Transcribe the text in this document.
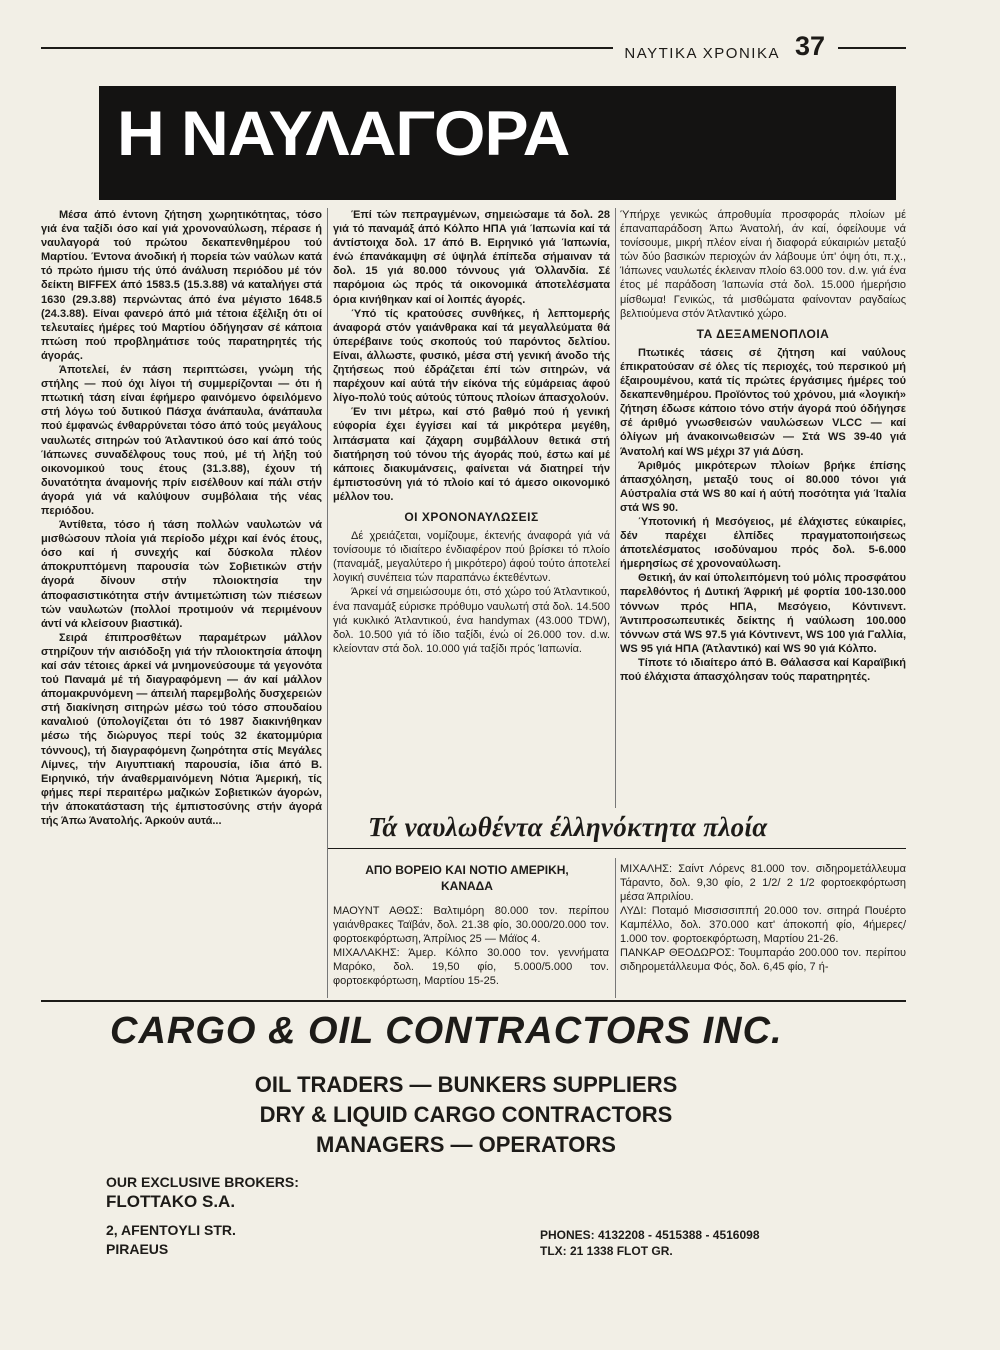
ΝΑΥΤΙΚΑ ΧΡΟΝΙΚΑ 37
Η ΝΑΥΛΑΓΟΡΑ

Μέσα άπό έντονη ζήτηση χωρητικότητας, τόσο γιά ένα ταξίδι όσο καί γιά χρονοναύλωση, πέρασε ή ναυλαγορά τού πρώτου δεκαπενθημέρου τού Μαρτίου. Έντονα άνοδική ή πορεία τών ναύλων κατά τό πρώτο ήμισυ τής ύπό άνάλυση περιόδου μέ τόν δείκτη BIFFEX άπό 1583.5 (15.3.88) νά καταλήγει στά 1630 (29.3.88) περνώντας άπό ένα μέγιστο 1648.5 (24.3.88). Είναι φανερό άπό μιά τέτοια έξέλιξη ότι οί τελευταίες ήμέρες τού Μαρτίου όδήγησαν σέ κάποια πτώση πού προβλημάτισε τούς παρατηρητές τής άγοράς.

Άποτελεί, έν πάση περιπτώσει, γνώμη τής στήλης — πού όχι λίγοι τή συμμερίζονται — ότι ή πτωτική τάση είναι έφήμερο φαινόμενο όφειλόμενο στή λόγω τού δυτικού Πάσχα άνάπαυλα, άνάπαυλα πού έμφανώς ένθαρρύνεται τόσο άπό τούς μεγάλους ναυλωτές σιτηρών τού Άτλαντικού όσο καί άπό τούς Ίάπωνες συναδέλφους τους πού, μέ τή λήξη τού οικονομικού τους έτους (31.3.88), έχουν τή δυνατότητα άναμονής πρίν εισέλθουν καί πάλι στήν άγορά γιά νά καλύψουν συμβόλαια τής νέας περιόδου.

Άντίθετα, τόσο ή τάση πολλών ναυλωτών νά μισθώσουν πλοία γιά περίοδο μέχρι καί ένός έτους, όσο καί ή συνεχής καί δύσκολα πλέον άποκρυπτόμενη παρουσία τών Σοβιετικών στήν άγορά δίνουν στήν πλοιοκτησία την άποφασιστικότητα στήν άντιμετώπιση τών πιέσεων τών ναυλωτών (πολλοί προτιμούν νά περιμένουν άντί νά κλείσουν βιαστικά).

Σειρά έπιπροσθέτων παραμέτρων μάλλον στηρίζουν τήν αισιόδοξη γιά τήν πλοιοκτησία άποψη καί σάν τέτοιες άρκεί νά μνημονεύσουμε τά γεγονότα τού Παναμά μέ τή διαγραφόμενη — άν καί μάλλον άπομακρυνόμενη — άπειλή παρεμβολής δυσχερειών στή διακίνηση σιτηρών μέσω τού τόσο σπουδαίου καναλιού (ύπολογίζεται ότι τό 1987 διακινήθηκαν μέσω τής διώρυγος περί τούς 32 έκατομμύρια τόννους), τή διαγραφόμενη ζωηρότητα στίς Μεγάλες Λίμνες, τήν Αιγυπτιακή παρουσία, ίδια άπό Β. Ειρηνικό, τήν άναθερμαινόμενη Νότια Άμερική, τίς φήμες περί περαιτέρω μαζικών Σοβιετικών άγορών, τήν άποκατάσταση τής έμπιστοσύνης στήν άγορά τής Άπω Άνατολής. Άρκούν αυτά...

Έπί τών πεπραγμένων, σημειώσαμε τά δολ. 28 γιά τό παναμάξ άπό Κόλπο ΗΠΑ γιά Ίαπωνία καί τά άντίστοιχα δολ. 17 άπό Β. Ειρηνικό γιά Ίαπωνία, ένώ έπανάκαμψη σέ ύψηλά έπίπεδα σήμαιναν τά δολ. 15 γιά 80.000 τόννους γιά Όλλανδία. Σέ παρόμοια ώς πρός τά οικονομικά άποτελέσματα όρια κινήθηκαν καί οί λοιπές άγορές.

Ύπό τίς κρατούσες συνθήκες, ή λεπτομερής άναφορά στόν γαιάνθρακα καί τά μεγαλλεύματα θά ύπερέβαινε τούς σκοπούς τού παρόντος δελτίου. Είναι, άλλωστε, φυσικό, μέσα στή γενική άνοδο τής ζητήσεως πού έδράζεται έπί τών σιτηρών, νά παρέχουν καί αύτά τήν είκόνα τής εύμάρειας άφού λίγο-πολύ τούς αύτούς τύπους πλοίων άπασχολούν.

Έν τινι μέτρω, καί στό βαθμό πού ή γενική εύφορία έχει έγγίσει καί τά μικρότερα μεγέθη, λιπάσματα καί ζάχαρη συμβάλλουν θετικά στή διατήρηση τού τόνου τής άγοράς πού, έστω καί μέ κάποιες διακυμάνσεις, φαίνεται νά διατηρεί τήν έμπιστοσύνη γιά τό πλοίο καί τό άμεσο οικονομικό μέλλον του.

ΟΙ ΧΡΟΝΟΝΑΥΛΩΣΕΙΣ

Δέ χρειάζεται, νομίζουμε, έκτενής άναφορά γιά νά τονίσουμε τό ιδιαίτερο ένδιαφέρον πού βρίσκει τό πλοίο (παναμάξ, μεγαλύτερο ή μικρότερο) άφού τούτο άποτελεί λογική συνέπεια τών παραπάνω έκτεθέντων.

Άρκεί νά σημειώσουμε ότι, στό χώρο τού Άτλαντικού, ένα παναμάξ εύρισκε πρόθυμο ναυλωτή στά δολ. 14.500 γιά κυκλικό Άτλαντικού, ένα handymax (43.000 TDW), δολ. 10.500 γιά τό ίδιο ταξίδι, ένώ οί 26.000 τον. d.w. κλείονταν στά δολ. 10.000 γιά ταξίδι πρός Ίαπωνία.

Ύπήρχε γενικώς άπροθυμία προσφοράς πλοίων μέ έπαναπαράδοση Άπω Άνατολή, άν καί, όφείλουμε νά τονίσουμε, μικρή πλέον είναι ή διαφορά εύκαιριών μεταξύ τών δύο βασικών περιοχών άν λάβουμε ύπ' όψη ότι, π.χ., Ίάπωνες ναυλωτές έκλειναν πλοίο 63.000 τον. d.w. γιά ένα έτος μέ παράδοση Ίαπωνία στά δολ. 15.000 ήμερήσιο μίσθωμα! Γενικώς, τά μισθώματα φαίνονταν ραγδαίως βελτιούμενα στόν Άτλαντικό χώρο.

ΤΑ ΔΕΞΑΜΕΝΟΠΛΟΙΑ

Πτωτικές τάσεις σέ ζήτηση καί ναύλους έπικρατούσαν σέ όλες τίς περιοχές, τού περσικού μή έξαιρουμένου, κατά τίς πρώτες έργάσιμες ήμέρες τού δεκαπενθημέρου. Προϊόντος τού χρόνου, μιά «λογική» ζήτηση έδωσε κάποιο τόνο στήν άγορά πού όδήγησε σέ άριθμό γνωσθεισών ναυλώσεων VLCC — καί όλίγων μή άνακοινωθεισών — Στά WS 39-40 γιά Άνατολή καί WS μέχρι 37 γιά Δύση.

Άριθμός μικρότερων πλοίων βρήκε έπίσης άπασχόληση, μεταξύ τους οί 80.000 τόνοι γιά Αύστραλία στά WS 80 καί ή αύτή ποσότητα γιά Ίταλία στά WS 90.

Ύποτονική ή Μεσόγειος, μέ έλάχιστες εύκαιρίες, δέν παρέχει έλπίδες πραγματοποιήσεως άποτελέσματος ισοδύναμου πρός δολ. 5-6.000 ήμερησίως σέ χρονοναύλωση.

Θετική, άν καί ύπολειπόμενη τού μόλις προσφάτου παρελθόντος ή Δυτική Άφρική μέ φορτία 100-130.000 τόννων πρός ΗΠΑ, Μεσόγειο, Κόντινεντ. Άντιπροσωπευτικές δείκτης ή ναύλωση 100.000 τόννων στά WS 97.5 γιά Κόντινεντ, WS 100 γιά Γαλλία, WS 95 γιά ΗΠΑ (Άτλαντικό) καί WS 90 γιά Κόλπο.

Τίποτε τό ιδιαίτερο άπό Β. Θάλασσα καί Καραϊβική πού έλάχιστα άπασχόλησαν τούς παρατηρητές.

Τά ναυλωθέντα έλληνόκτητα πλοία
ΑΠΟ ΒΟΡΕΙΟ ΚΑΙ ΝΟΤΙΟ ΑΜΕΡΙΚΗ,
ΚΑΝΑΔΑ

ΜΑΟΥΝΤ ΑΘΩΣ: Βαλτιμόρη 80.000 τον. περίπου γαιάνθρακες Ταϊβάν, δολ. 21.38 φίο, 30.000/20.000 τον. φορτοεκφόρτωση, Άπρίλιος 25 — Μάϊος 4.

ΜΙΧΑΛΑΚΗΣ: Άμερ. Κόλπο 30.000 τον. γεννήματα Μαρόκο, δολ. 19,50 φίο, 5.000/5.000 τον. φορτοεκφόρτωση, Μαρτίου 15-25.

ΜΙΧΑΛΗΣ: Σαίντ Λόρενς 81.000 τον. σιδηρομετάλλευμα Τάραντο, δολ. 9,30 φίο, 2 1/2/ 2 1/2 φορτοεκφόρτωση μέσα Άπριλίου.

ΛΥΔΙ: Ποταμό Μισσισσιππή 20.000 τον. σιτηρά Πουέρτο Καμπέλλο, δολ. 370.000 κατ' άποκοπή φίο, 4ήμερες/ 1.000 τον. φορτοεκφόρτωση, Μαρτίου 21-26.

ΠΑΝΚΑΡ ΘΕΟΔΩΡΟΣ: Τουμπαράο 200.000 τον. περίπου σιδηρομετάλλευμα Φός, δολ. 6,45 φίο, 7 ή-

CARGO & OIL CONTRACTORS INC.
OIL TRADERS — BUNKERS SUPPLIERS
DRY & LIQUID CARGO CONTRACTORS
MANAGERS — OPERATORS
OUR EXCLUSIVE BROKERS:
FLOTTAKO S.A.
2, AFENTOYLI STR.
PIRAEUS
PHONES: 4132208 - 4515388 - 4516098
TLX: 21 1338 FLOT GR.
